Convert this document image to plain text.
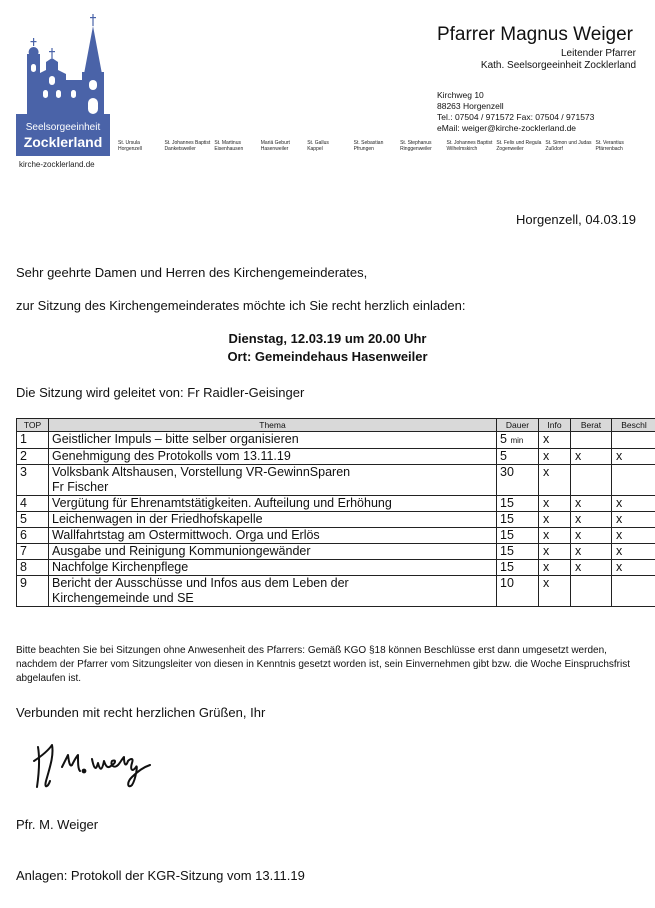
Seelsorgeeinheit
Zocklerland
kirche-zocklerland.de
St. Ursula
Horgenzell
St. Johannes Baptist
Danketsweiler
St. Martinus
Eisenhausen
Mariä Geburt
Hasenweiler
St. Gallus
Kappel
St. Sebastian
Pfrungen
St. Stephanus
Ringgenweiler
St. Johannes Baptist
Wilhelmskirch
St. Felix und Regula
Zogenweiler
St. Simon und Judas
Zußdorf
St. Verantius
Pfärrenbach
Pfarrer Magnus Weiger
Leitender Pfarrer
Kath. Seelsorgeeinheit Zocklerland
Kirchweg 10
88263 Horgenzell
Tel.: 07504 / 971572 Fax: 07504 / 971573
eMail: weiger@kirche-zocklerland.de
Horgenzell, 04.03.19
Sehr geehrte Damen und Herren des Kirchengemeinderates,
zur Sitzung des Kirchengemeinderates möchte ich Sie recht herzlich einladen:
Dienstag, 12.03.19 um 20.00 Uhr
Ort: Gemeindehaus Hasenweiler
Die Sitzung wird geleitet von: Fr Raidler-Geisinger
TOP	Thema	Dauer	Info	Berat	Beschl
1	Geistlicher Impuls – bitte selber organisieren	5 min	x		
2	Genehmigung des Protokolls vom 13.11.19	5	x	x	x
3	Volksbank Altshausen, Vorstellung VR-GewinnSparen
Fr Fischer	30	x		
4	Vergütung für Ehrenamtstätigkeiten. Aufteilung und Erhöhung	15	x	x	x
5	Leichenwagen in der Friedhofskapelle	15	x	x	x
6	Wallfahrtstag am Ostermittwoch. Orga und Erlös	15	x	x	x
7	Ausgabe und Reinigung Kommuniongewänder	15	x	x	x
8	Nachfolge Kirchenpflege	15	x	x	x
9	Bericht der Ausschüsse und Infos aus dem Leben der
Kirchengemeinde und SE	10	x		
Bitte beachten Sie bei Sitzungen ohne Anwesenheit des Pfarrers: Gemäß KGO §18 können Beschlüsse erst dann umgesetzt werden, nachdem der Pfarrer vom Sitzungsleiter von diesen in Kenntnis gesetzt worden ist, sein Einvernehmen gibt bzw. die Woche Einspruchsfrist abgelaufen ist.
Verbunden mit recht herzlichen Grüßen, Ihr
Pfr. M. Weiger
Anlagen: Protokoll der KGR-Sitzung vom 13.11.19
